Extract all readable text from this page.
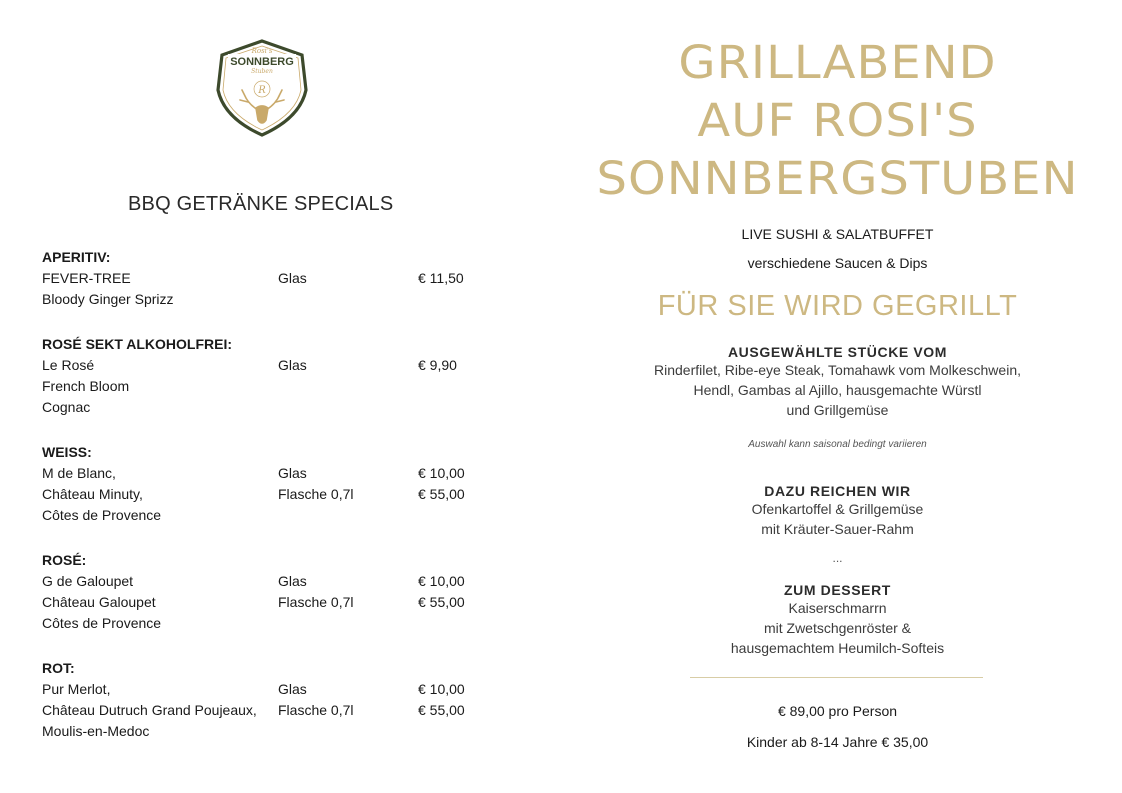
Rosi's
SONNBERG
Stuben
R
BBQ GETRÄNKE SPECIALS
APERITIV:
FEVER-TREE	Glas	€ 11,50
Bloody Ginger Sprizz
ROSÉ SEKT ALKOHOLFREI:
Le Rosé	Glas	€ 9,90
French Bloom
Cognac
WEISS:
M de Blanc,	Glas	€ 10,00
Château Minuty,	Flasche 0,7l	€ 55,00
Côtes de Provence
ROSÉ:
G de Galoupet	Glas	€ 10,00
Château Galoupet	Flasche 0,7l	€ 55,00
Côtes de Provence
ROT:
Pur Merlot,	Glas	€ 10,00
Château Dutruch Grand Poujeaux, Flasche 0,7l	€ 55,00
Moulis-en-Medoc
GRILLABEND
AUF ROSI'S
SONNBERGSTUBEN
LIVE SUSHI & SALATBUFFET
verschiedene Saucen & Dips
FÜR SIE WIRD GEGRILLT
AUSGEWÄHLTE STÜCKE VOM
Rinderfilet, Ribe-eye Steak, Tomahawk vom Molkeschwein,
Hendl, Gambas al Ajillo, hausgemachte Würstl
und Grillgemüse
Auswahl kann saisonal bedingt variieren
DAZU REICHEN WIR
Ofenkartoffel & Grillgemüse
mit Kräuter-Sauer-Rahm
...
ZUM DESSERT
Kaiserschmarrn
mit Zwetschgenröster &
hausgemachtem Heumilch-Softeis
€ 89,00 pro Person
Kinder ab 8-14 Jahre € 35,00
